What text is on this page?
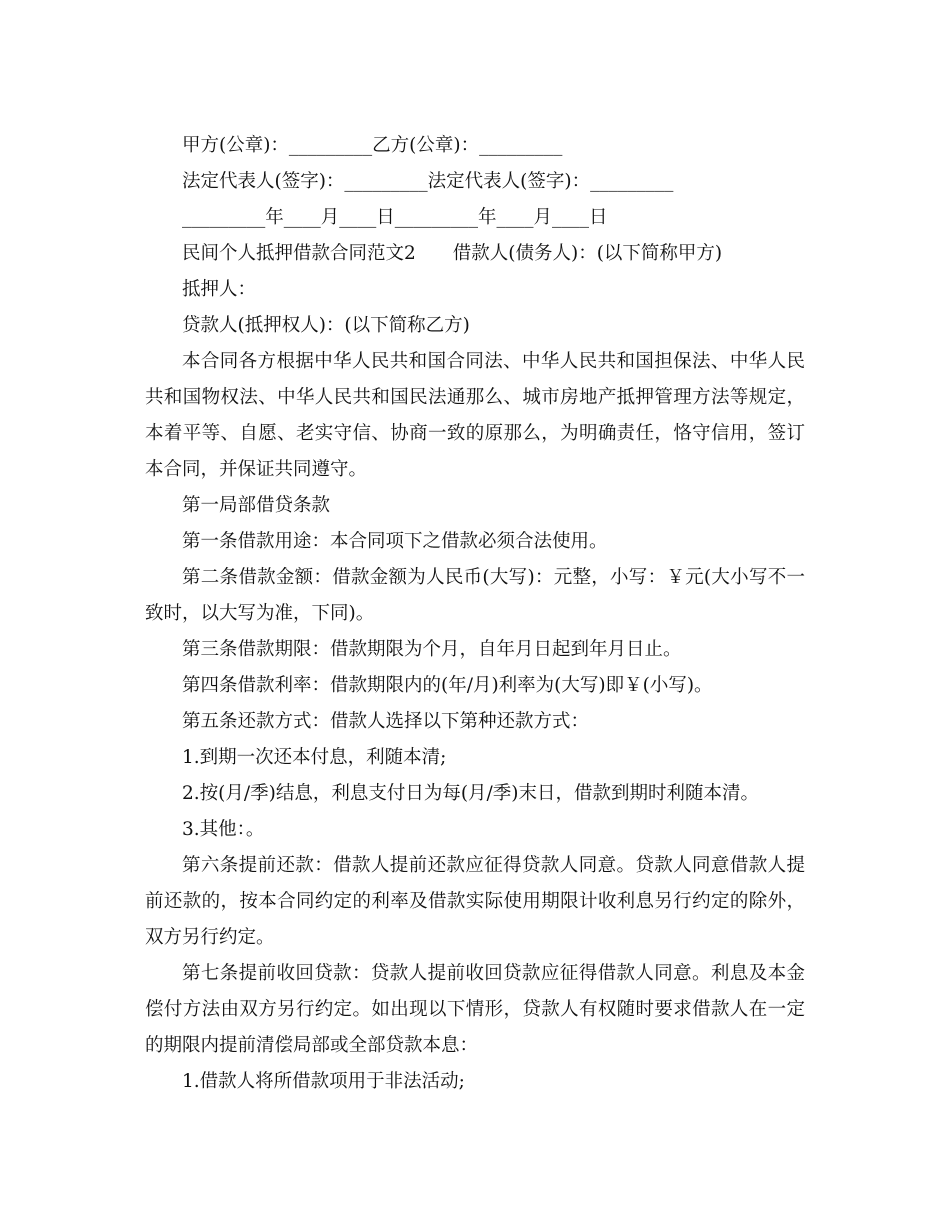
甲方(公章)：_________乙方(公章)：_________
法定代表人(签字)：_________法定代表人(签字)：_________
_________年____月____日_________年____月____日
民间个人抵押借款合同范文2　　借款人(债务人)：(以下简称甲方)
抵押人：
贷款人(抵押权人)：(以下简称乙方)

本合同各方根据中华人民共和国合同法、中华人民共和国担保法、中华人民共和国物权法、中华人民共和国民法通那么、城市房地产抵押管理方法等规定，本着平等、自愿、老实守信、协商一致的原那么，为明确责任，恪守信用，签订本合同，并保证共同遵守。

第一局部借贷条款

第一条借款用途：本合同项下之借款必须合法使用。

第二条借款金额：借款金额为人民币(大写)：元整，小写：￥元(大小写不一致时，以大写为准，下同)。

第三条借款期限：借款期限为个月，自年月日起到年月日止。

第四条借款利率：借款期限内的(年/月)利率为(大写)即￥(小写)。

第五条还款方式：借款人选择以下第种还款方式：

1.到期一次还本付息，利随本清;

2.按(月/季)结息，利息支付日为每(月/季)末日，借款到期时利随本清。

3.其他：。

第六条提前还款：借款人提前还款应征得贷款人同意。贷款人同意借款人提前还款的，按本合同约定的利率及借款实际使用期限计收利息另行约定的除外，双方另行约定。

第七条提前收回贷款：贷款人提前收回贷款应征得借款人同意。利息及本金偿付方法由双方另行约定。如出现以下情形，贷款人有权随时要求借款人在一定的期限内提前清偿局部或全部贷款本息：

1.借款人将所借款项用于非法活动;
